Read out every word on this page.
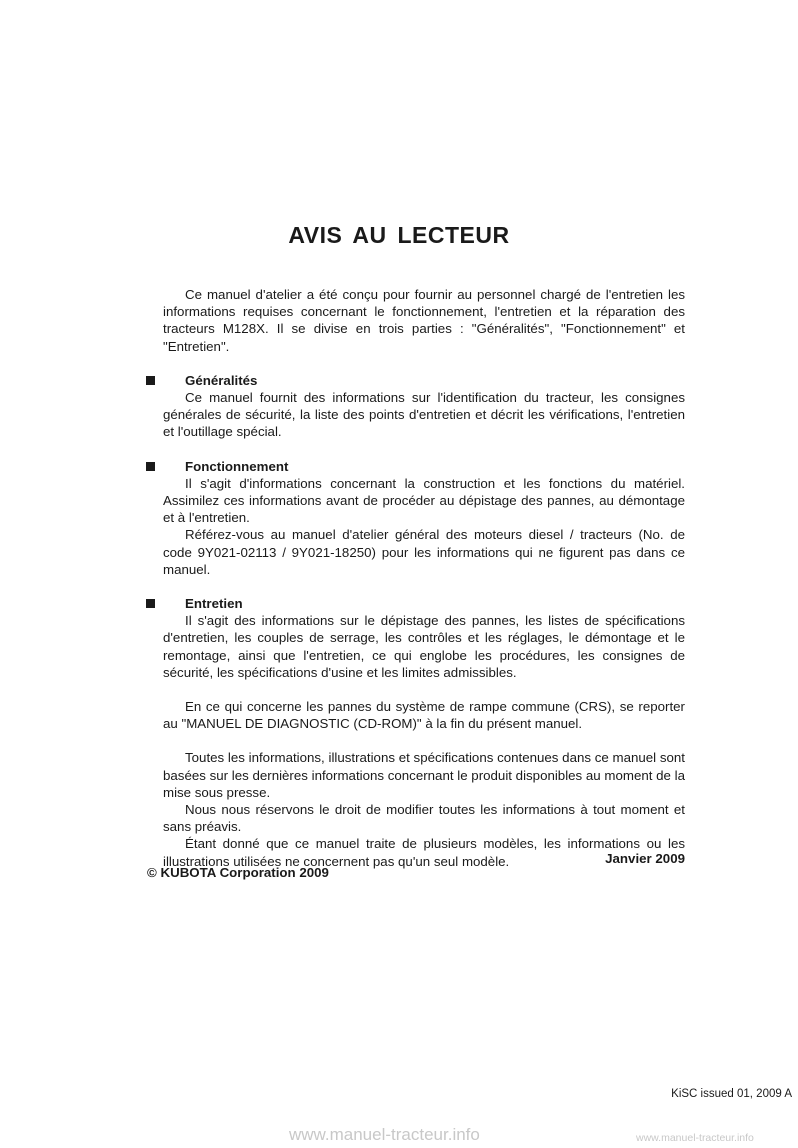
AVIS AU LECTEUR

Ce manuel d'atelier a été conçu pour fournir au personnel chargé de l'entretien les informations requises concernant le fonctionnement, l'entretien et la réparation des tracteurs M128X. Il se divise en trois parties : "Généralités", "Fonctionnement" et "Entretien".

Généralités

Ce manuel fournit des informations sur l'identification du tracteur, les consignes générales de sécurité, la liste des points d'entretien et décrit les vérifications, l'entretien et l'outillage spécial.

Fonctionnement

Il s'agit d'informations concernant la construction et les fonctions du matériel. Assimilez ces informations avant de procéder au dépistage des pannes, au démontage et à l'entretien.

Référez-vous au manuel d'atelier général des moteurs diesel / tracteurs (No. de code 9Y021-02113 / 9Y021-18250) pour les informations qui ne figurent pas dans ce manuel.

Entretien

Il s'agit des informations sur le dépistage des pannes, les listes de spécifications d'entretien, les couples de serrage, les contrôles et les réglages, le démontage et le remontage, ainsi que l'entretien, ce qui englobe les procédures, les consignes de sécurité, les spécifications d'usine et les limites admissibles.

En ce qui concerne les pannes du système de rampe commune (CRS), se reporter au "MANUEL DE DIAGNOSTIC (CD-ROM)" à la fin du présent manuel.

Toutes les informations, illustrations et spécifications contenues dans ce manuel sont basées sur les dernières informations concernant le produit disponibles au moment de la mise sous presse.

Nous nous réservons le droit de modifier toutes les informations à tout moment et sans préavis.

Étant donné que ce manuel traite de plusieurs modèles, les informations ou les illustrations utilisées ne concernent pas qu'un seul modèle.	Janvier 2009
© KUBOTA Corporation 2009
KiSC issued 01, 2009 A
www.manuel-tracteur.info	www.manuel-tracteur.info
